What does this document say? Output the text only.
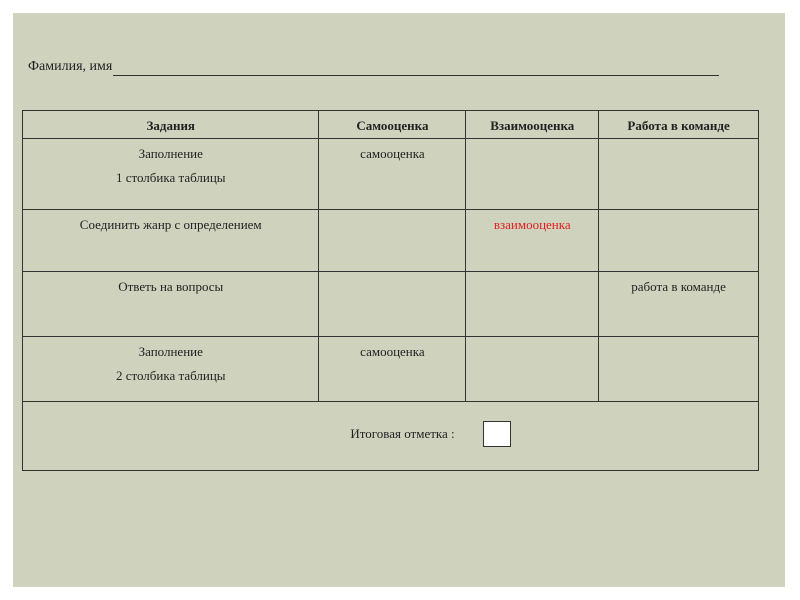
Фамилия, имя
Задания	Самооценка	Взаимооценка	Работа в команде

Заполнение
1 столбика таблицы	самооценка		

Соединить жанр с определением		взаимооценка	

Ответь на вопросы			работа в команде

Заполнение
2 столбика таблицы	самооценка		

Итоговая отметка :			
